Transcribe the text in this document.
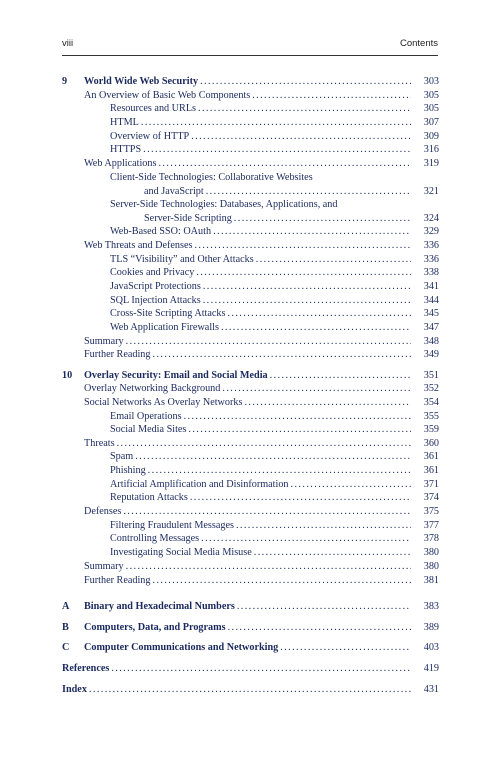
viii	Contents
9 World Wide Web Security .....	303
An Overview of Basic Web Components .....	305
Resources and URLs .....	305
HTML .....	307
Overview of HTTP .....	309
HTTPS .....	316
Web Applications .....	319
Client-Side Technologies: Collaborative Websites
and JavaScript .....	321
Server-Side Technologies: Databases, Applications, and
Server-Side Scripting .....	324
Web-Based SSO: OAuth .....	329
Web Threats and Defenses .....	336
TLS “Visibility” and Other Attacks .....	336
Cookies and Privacy .....	338
JavaScript Protections .....	341
SQL Injection Attacks .....	344
Cross-Site Scripting Attacks .....	345
Web Application Firewalls .....	347
Summary .....	348
Further Reading .....	349
10 Overlay Security: Email and Social Media .....	351
Overlay Networking Background .....	352
Social Networks As Overlay Networks .....	354
Email Operations .....	355
Social Media Sites .....	359
Threats .....	360
Spam .....	361
Phishing .....	361
Artificial Amplification and Disinformation .....	371
Reputation Attacks .....	374
Defenses .....	375
Filtering Fraudulent Messages .....	377
Controlling Messages .....	378
Investigating Social Media Misuse .....	380
Summary .....	380
Further Reading .....	381
A Binary and Hexadecimal Numbers .....	383
B Computers, Data, and Programs .....	389
C Computer Communications and Networking .....	403
References .....	419
Index .....	431
